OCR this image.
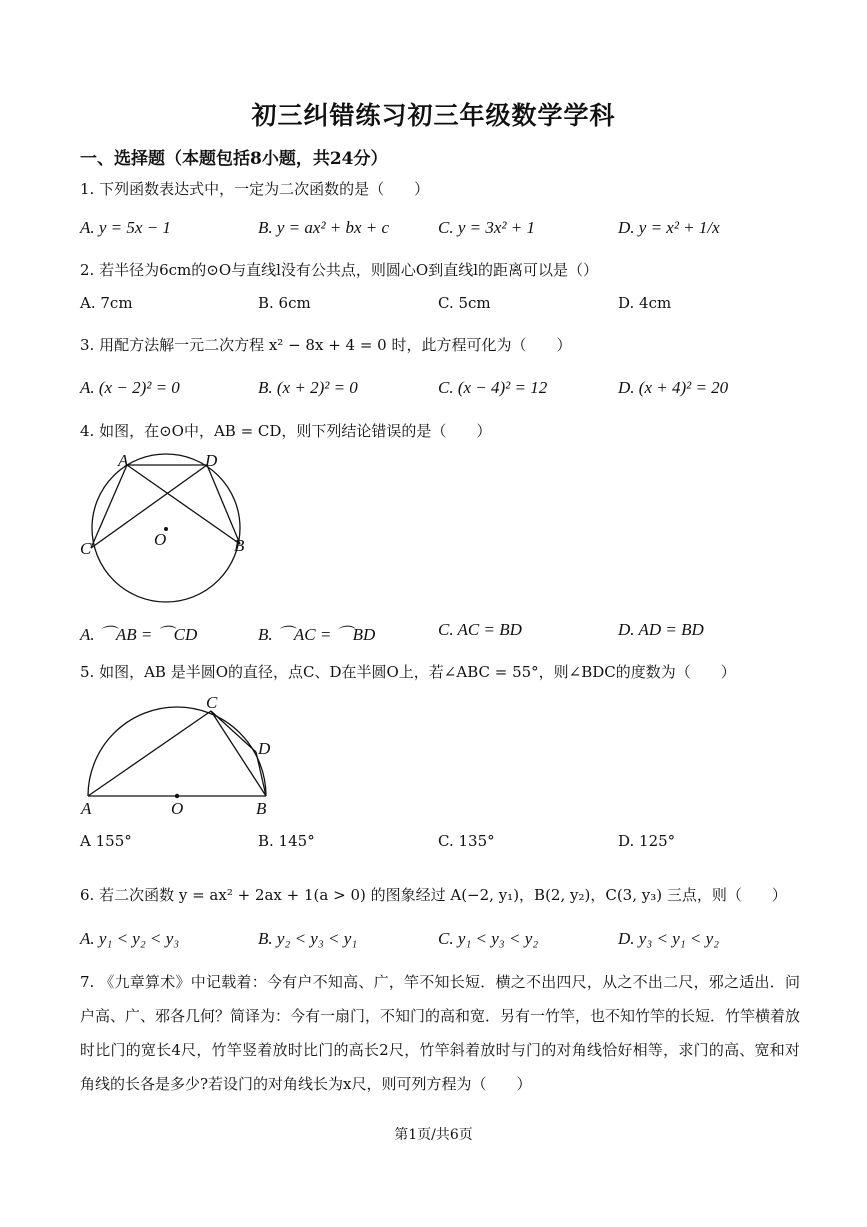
初三纠错练习初三年级数学学科
一、选择题（本题包括8小题，共24分）
1. 下列函数表达式中，一定为二次函数的是（　　）
A. y = 5x − 1	B. y = ax² + bx + c	C. y = 3x² + 1	D. y = x² + 1/x
2. 若半径为6cm的⊙O与直线l没有公共点，则圆心O到直线l的距离可以是（）
A. 7cm	B. 6cm	C. 5cm	D. 4cm
3. 用配方法解一元二次方程 x² − 8x + 4 = 0 时，此方程可化为（　　）
A. (x − 2)² = 0	B. (x + 2)² = 0	C. (x − 4)² = 12	D. (x + 4)² = 20
4. 如图，在⊙O中，AB = CD，则下列结论错误的是（　　）
A	D
C	O	B
A. ⌒AB = ⌒CD	B. ⌒AC = ⌒BD	C. AC = BD	D. AD = BD
5. 如图，AB 是半圆O的直径，点C、D在半圆O上，若∠ABC = 55°，则∠BDC的度数为（　　）
C
D
A	O	B
A 155°	B. 145°	C. 135°	D. 125°
6. 若二次函数 y = ax² + 2ax + 1(a > 0) 的图象经过 A(−2, y₁)，B(2, y₂)，C(3, y₃) 三点，则（　　）
A. y₁ < y₂ < y₃	B. y₂ < y₃ < y₁	C. y₁ < y₃ < y₂	D. y₃ < y₁ < y₂
7. 《九章算术》中记载着：今有户不知高、广，竿不知长短．横之不出四尺，从之不出二尺，邪之适出．问户高、广、邪各几何？简译为：今有一扇门，不知门的高和宽．另有一竹竿，也不知竹竿的长短．竹竿横着放时比门的宽长4尺，竹竿竖着放时比门的高长2尺，竹竿斜着放时与门的对角线恰好相等，求门的高、宽和对角线的长各是多少?若设门的对角线长为x尺，则可列方程为（　　）
第1页/共6页
